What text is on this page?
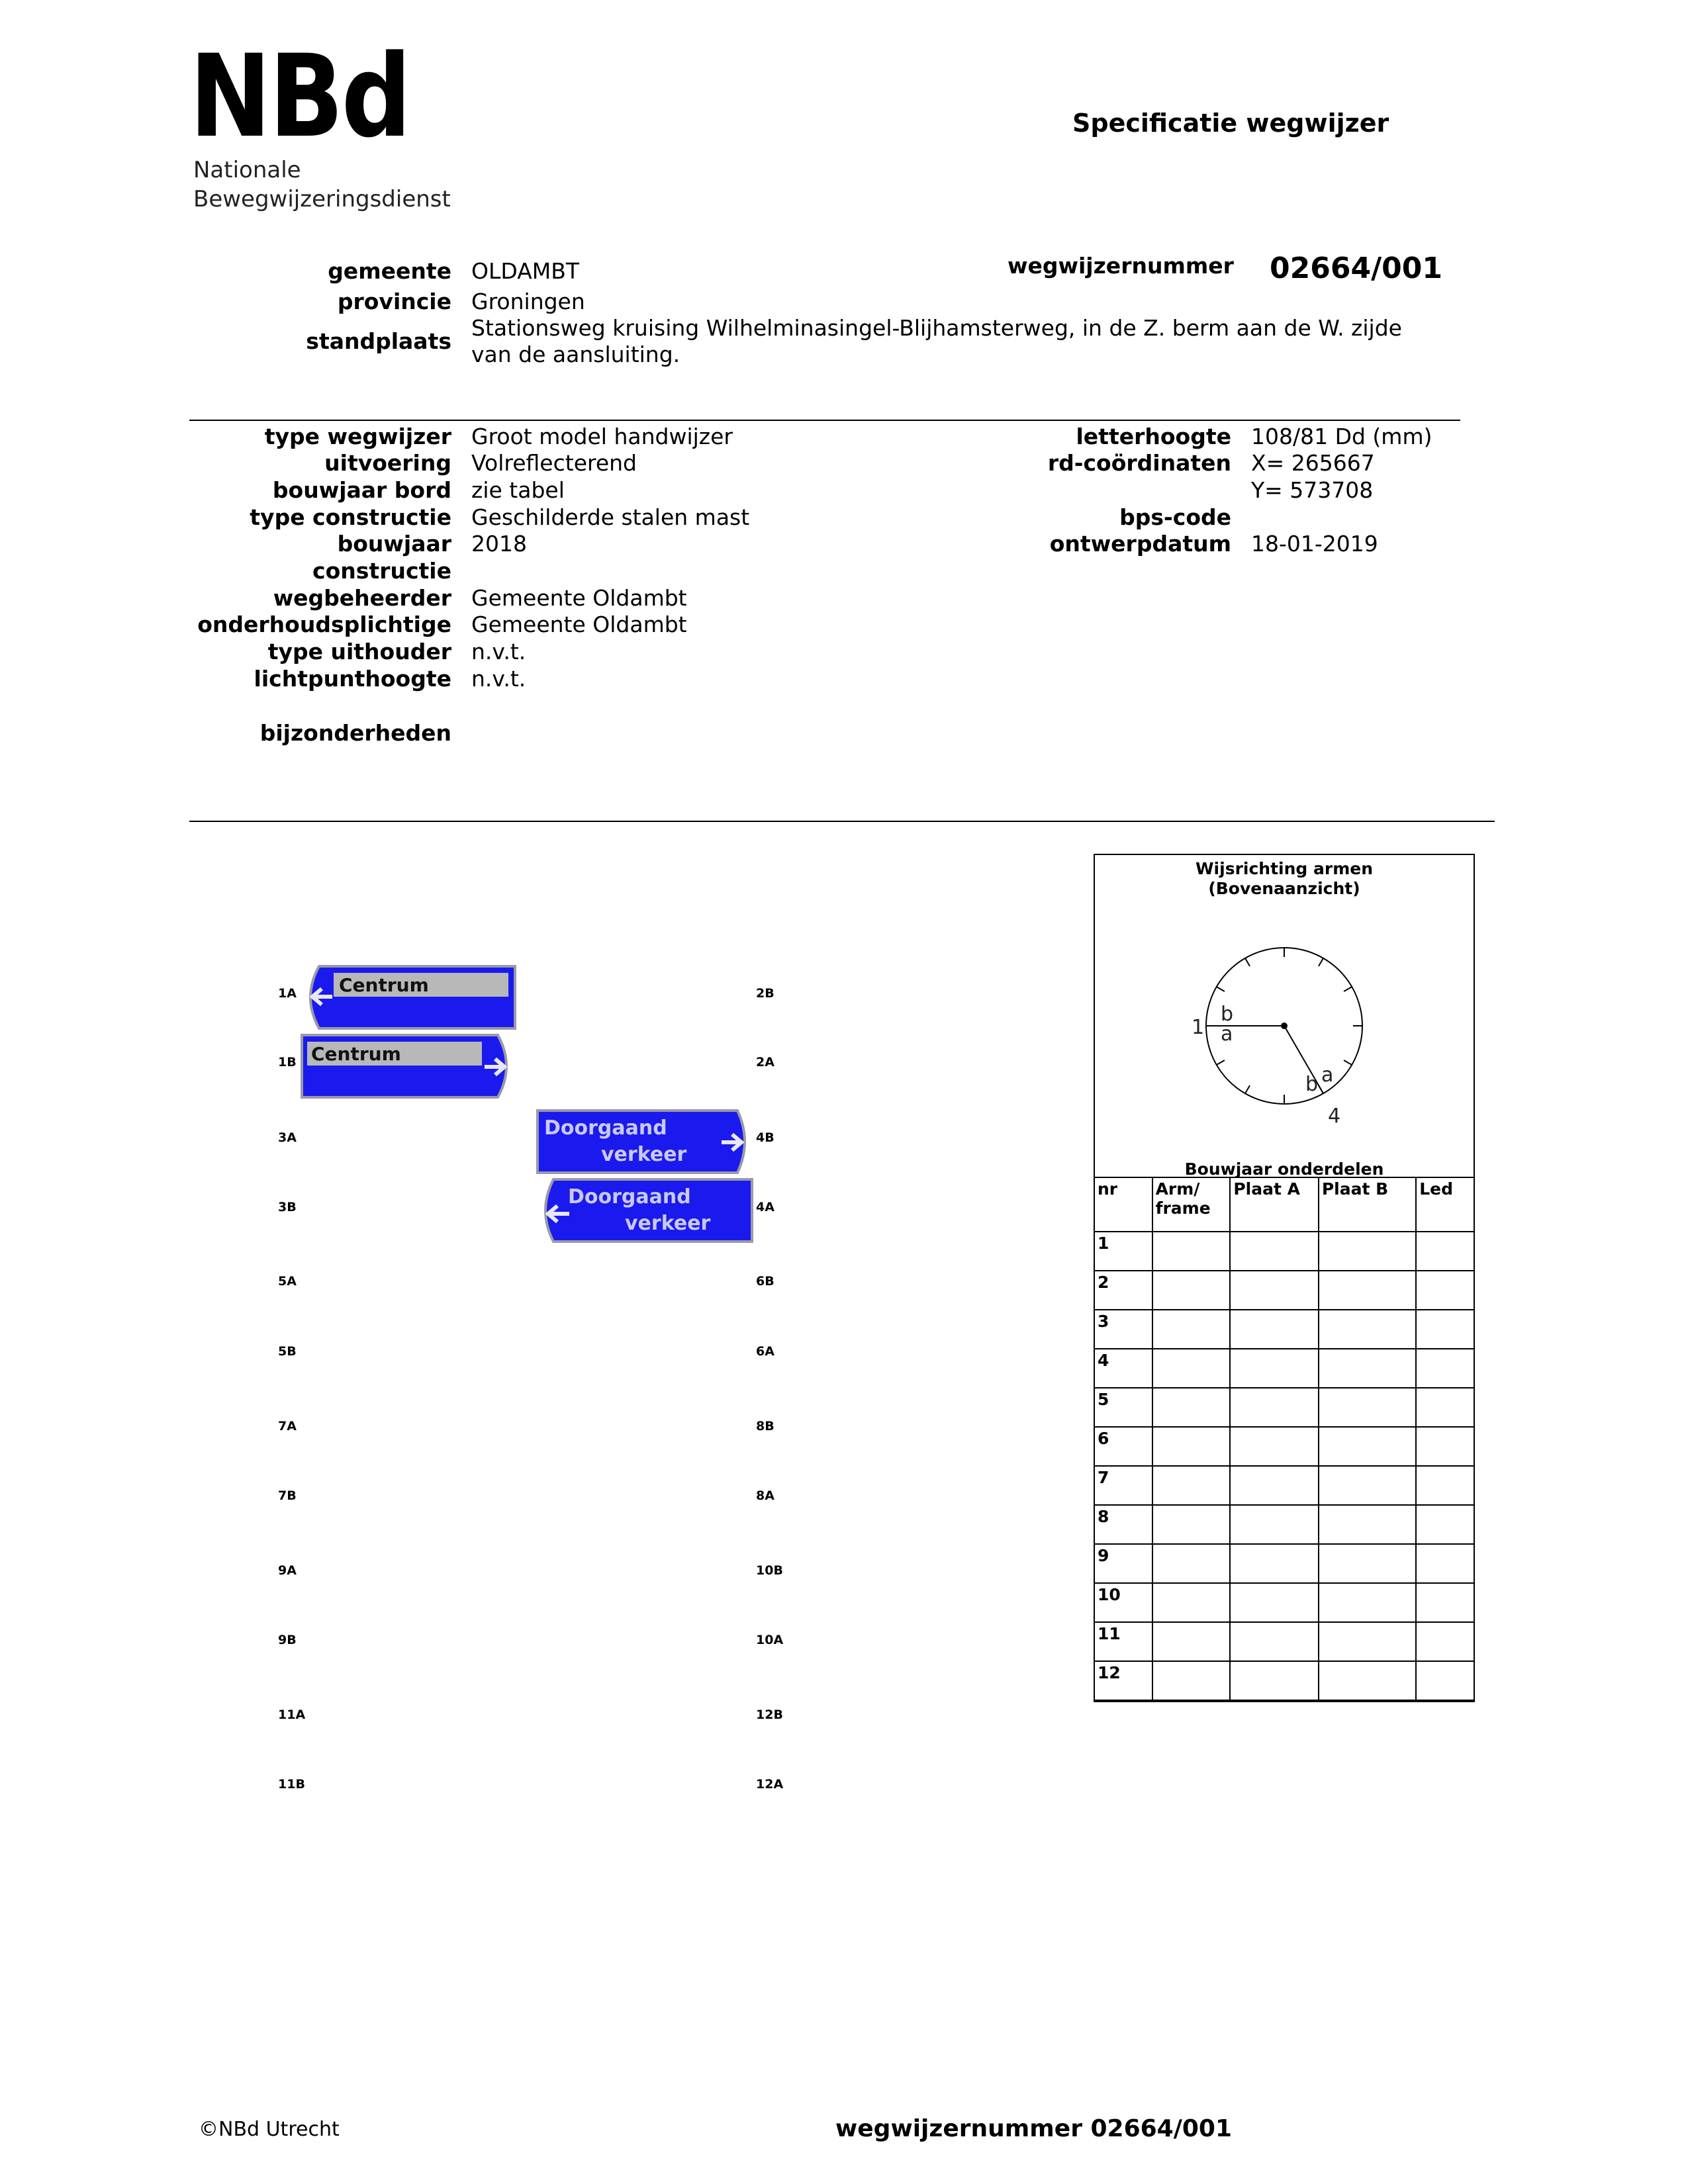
NBd
Nationale
Bewegwijzeringsdienst
Specificatie wegwijzer
gemeente OLDAMBT
provincie Groningen
standplaats
Stationsweg kruising Wilhelminasingel-Blijhamsterweg, in de Z. berm aan de W. zijde
van de aansluiting.
wegwijzernummer 02664/001
type wegwijzer Groot model handwijzer
uitvoering Volreflecterend
bouwjaar bord zie tabel
type constructie Geschilderde stalen mast
bouwjaar 2018
constructie
wegbeheerder Gemeente Oldambt
onderhoudsplichtige Gemeente Oldambt
type uithouder n.v.t.
lichtpunthoogte n.v.t.
bijzonderheden
letterhoogte 108/81 Dd (mm)
rd-coördinaten X= 265667
Y= 573708
bps-code
ontwerpdatum 18-01-2019
1A
1B
3A
3B
5A
5B
7A
7B
9A
9B
11A
11B
2B
2A
4B
4A
6B
6A
8B
8A
10B
10A
12B
12A
Centrum
Centrum
Doorgaand
verkeer
Doorgaand
verkeer
Wijsrichting armen
(Bovenaanzicht)
Bouwjaar onderdelen
1
b
a
b a
4
nr	Arm/ frame	Plaat A	Plaat B	Led
1				
2				
3				
4				
5				
6				
7				
8				
9				
10				
11				
12				
©NBd Utrecht	wegwijzernummer 02664/001
